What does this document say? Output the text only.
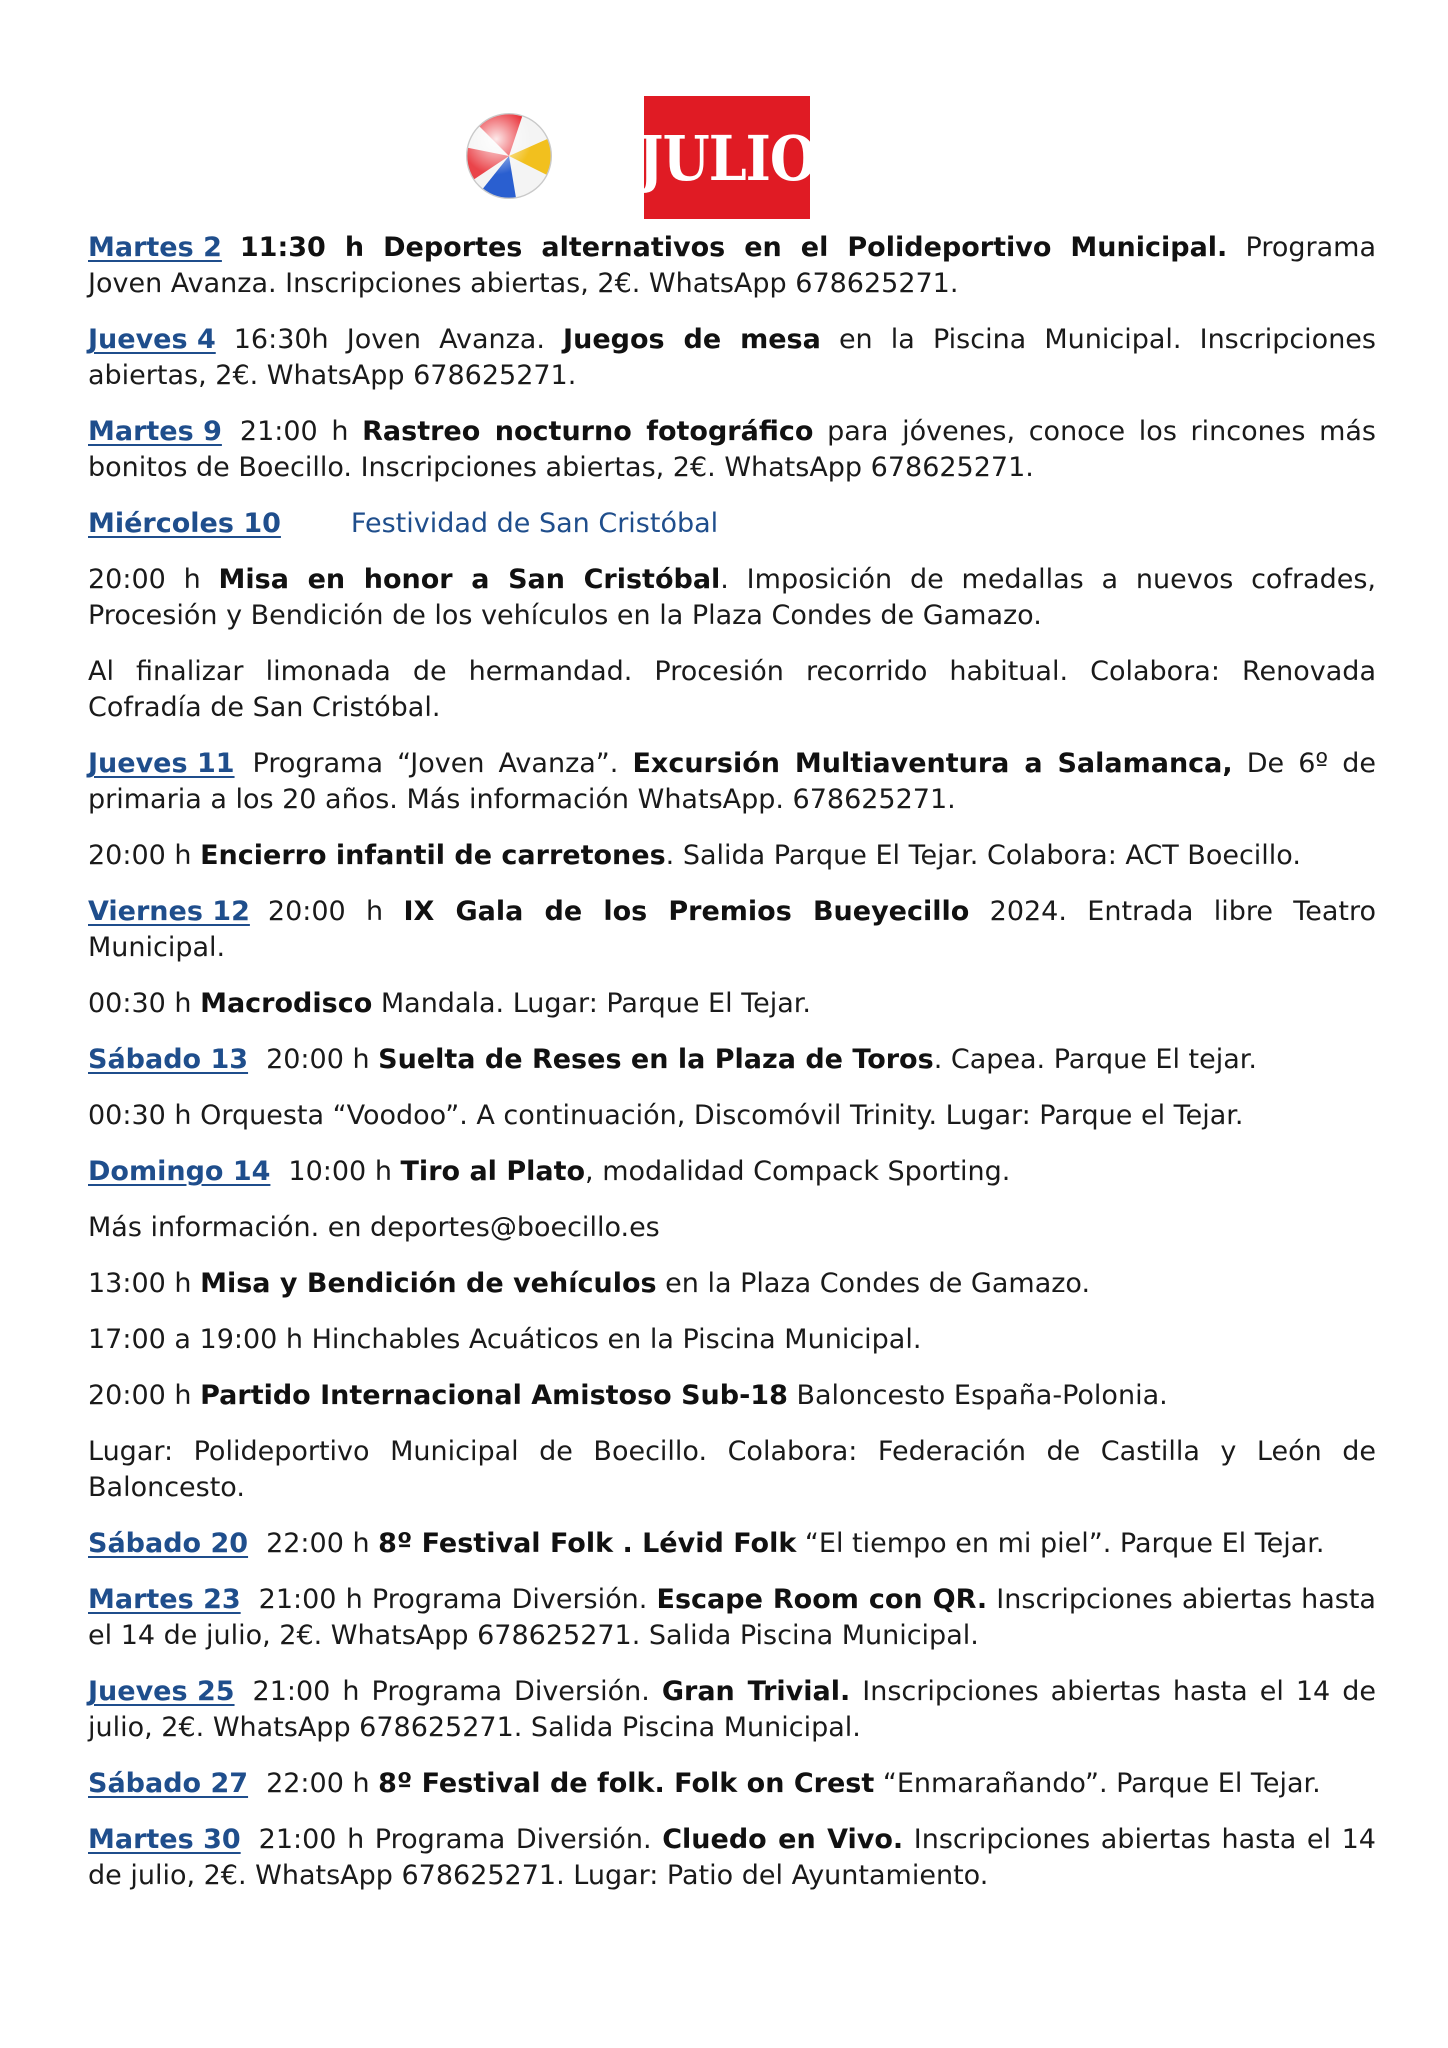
JULIO

Martes 2 11:30 h Deportes alternativos en el Polideportivo Municipal. Programa Joven Avanza. Inscripciones abiertas, 2€. WhatsApp 678625271.

Jueves 4 16:30h Joven Avanza. Juegos de mesa en la Piscina Municipal. Inscripciones abiertas, 2€. WhatsApp 678625271.

Martes 9 21:00 h Rastreo nocturno fotográfico para jóvenes, conoce los rincones más bonitos de Boecillo. Inscripciones abiertas, 2€. WhatsApp 678625271.

Miércoles 10	Festividad de San Cristóbal

20:00 h Misa en honor a San Cristóbal. Imposición de medallas a nuevos cofrades, Procesión y Bendición de los vehículos en la Plaza Condes de Gamazo.

Al finalizar limonada de hermandad. Procesión recorrido habitual. Colabora: Renovada Cofradía de San Cristóbal.

Jueves 11 Programa “Joven Avanza”. Excursión Multiaventura a Salamanca, De 6º de primaria a los 20 años. Más información WhatsApp. 678625271.

20:00 h Encierro infantil de carretones. Salida Parque El Tejar. Colabora: ACT Boecillo.

Viernes 12 20:00 h IX Gala de los Premios Bueyecillo 2024. Entrada libre Teatro Municipal.

00:30 h Macrodisco Mandala. Lugar: Parque El Tejar.

Sábado 13 20:00 h Suelta de Reses en la Plaza de Toros. Capea. Parque El tejar.

00:30 h Orquesta “Voodoo”. A continuación, Discomóvil Trinity. Lugar: Parque el Tejar.

Domingo 14 10:00 h Tiro al Plato, modalidad Compack Sporting.

Más información. en deportes@boecillo.es

13:00 h Misa y Bendición de vehículos en la Plaza Condes de Gamazo.

17:00 a 19:00 h Hinchables Acuáticos en la Piscina Municipal.

20:00 h Partido Internacional Amistoso Sub-18 Baloncesto España-Polonia.

Lugar: Polideportivo Municipal de Boecillo. Colabora: Federación de Castilla y León de Baloncesto.

Sábado 20 22:00 h 8º Festival Folk . Lévid Folk “El tiempo en mi piel”. Parque El Tejar.

Martes 23 21:00 h Programa Diversión. Escape Room con QR. Inscripciones abiertas hasta el 14 de julio, 2€. WhatsApp 678625271. Salida Piscina Municipal.

Jueves 25 21:00 h Programa Diversión. Gran Trivial. Inscripciones abiertas hasta el 14 de julio, 2€. WhatsApp 678625271. Salida Piscina Municipal.

Sábado 27 22:00 h 8º Festival de folk. Folk on Crest “Enmarañando”. Parque El Tejar.

Martes 30 21:00 h Programa Diversión. Cluedo en Vivo. Inscripciones abiertas hasta el 14 de julio, 2€. WhatsApp 678625271. Lugar: Patio del Ayuntamiento.
